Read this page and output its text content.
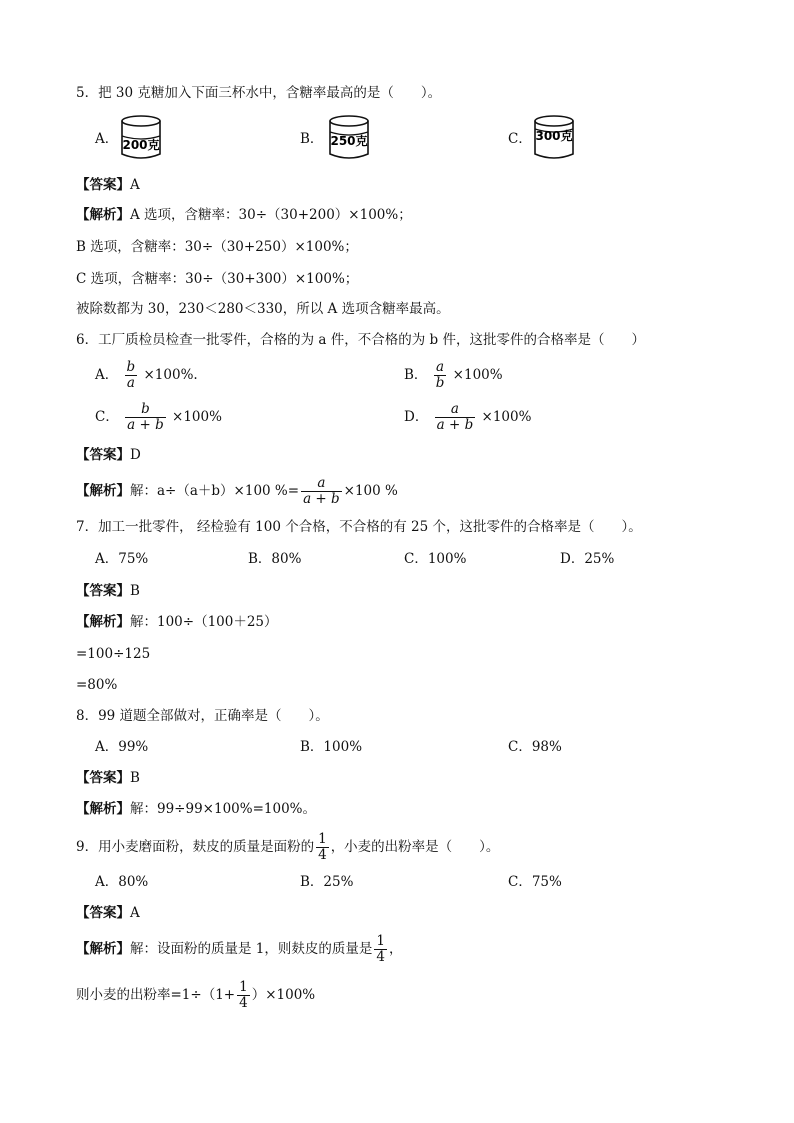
5．把 30 克糖加入下面三杯水中，含糖率最高的是（　　）。
A． 200克	B． 250克	C． 300克
【答案】A
【解析】A 选项，含糖率：30÷（30+200）×100%；
B 选项，含糖率：30÷（30+250）×100%；
C 选项，含糖率：30÷（30+300）×100%；
被除数都为 30，230＜280＜330，所以 A 选项含糖率最高。
6．工厂质检员检查一批零件，合格的为 a 件，不合格的为 b 件，这批零件的合格率是（　　）
A． $\frac{b}{a} \times 100\%$.	B． $\frac{a}{b} \times 100\%$
C． $\frac{b}{a + b} \times 100\%$	D． $\frac{a}{a + b} \times 100\%$
【答案】D
【解析】解：a÷（a＋b）×100 %= $\frac{a}{a + b} \times 100$ %
7．加工一批零件， 经检验有 100 个合格，不合格的有 25 个，这批零件的合格率是（　　）。
A．75%	B．80%	C．100%	D．25%
【答案】B
【解析】解：100÷（100＋25）
=100÷125
=80%
8．99 道题全部做对，正确率是（　　）。
A．99%	B．100%	C．98%
【答案】B
【解析】解：99÷99×100%=100%。
9．用小麦磨面粉，麸皮的质量是面粉的 $\frac{1}{4}$ ，小麦的出粉率是（　　）。
A．80%	B．25%	C．75%
【答案】A
【解析】解：设面粉的质量是 1，则麸皮的质量是 $\frac{1}{4}$ ，
则小麦的出粉率$=1\div(1+ \frac{1}{4} )\times 100\%$
